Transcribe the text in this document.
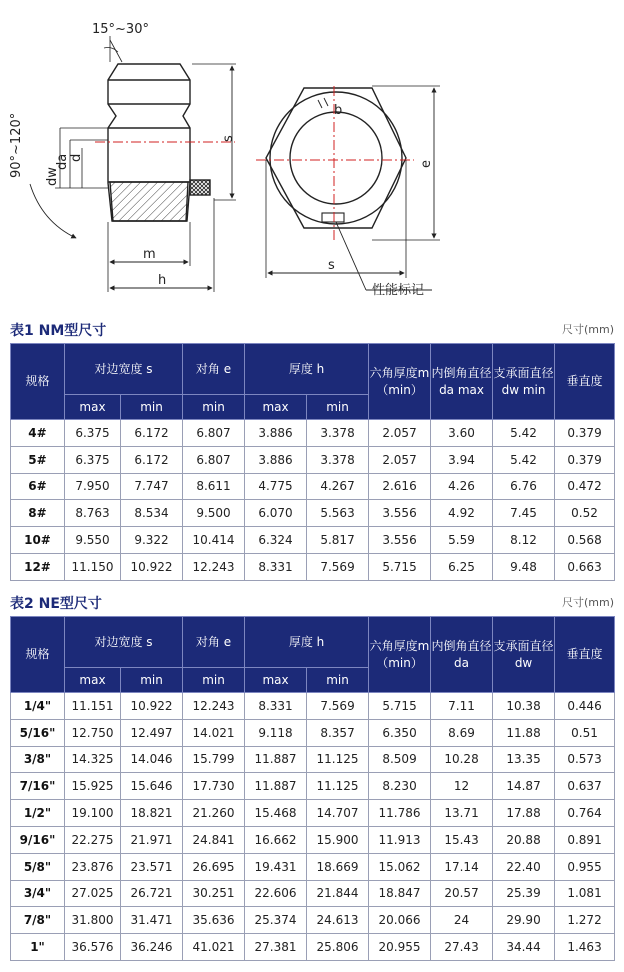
15°~30°
dw
da d
90°~120°	s
m
h
b
e
s
性能标记
表1 NM型尺寸	尺寸(mm)
规格	对边宽度 s		对角 e	厚度 h		六角厚度m（min）	内倒角直径da max	支承面直径dw min	垂直度
	max	min	min	max	min				
4#	6.375	6.172	6.807	3.886	3.378	2.057	3.60	5.42	0.379
5#	6.375	6.172	6.807	3.886	3.378	2.057	3.94	5.42	0.379
6#	7.950	7.747	8.611	4.775	4.267	2.616	4.26	6.76	0.472
8#	8.763	8.534	9.500	6.070	5.563	3.556	4.92	7.45	0.52
10#	9.550	9.322	10.414	6.324	5.817	3.556	5.59	8.12	0.568
12#	11.150	10.922	12.243	8.331	7.569	5.715	6.25	9.48	0.663
表2 NE型尺寸	尺寸(mm)
规格	对边宽度 s		对角 e	厚度 h		六角厚度m（min）	内倒角直径da	支承面直径dw	垂直度
	max	min	min	max	min				
1/4"	11.151	10.922	12.243	8.331	7.569	5.715	7.11	10.38	0.446
5/16"	12.750	12.497	14.021	9.118	8.357	6.350	8.69	11.88	0.51
3/8"	14.325	14.046	15.799	11.887	11.125	8.509	10.28	13.35	0.573
7/16"	15.925	15.646	17.730	11.887	11.125	8.230	12	14.87	0.637
1/2"	19.100	18.821	21.260	15.468	14.707	11.786	13.71	17.88	0.764
9/16"	22.275	21.971	24.841	16.662	15.900	11.913	15.43	20.88	0.891
5/8"	23.876	23.571	26.695	19.431	18.669	15.062	17.14	22.40	0.955
3/4"	27.025	26.721	30.251	22.606	21.844	18.847	20.57	25.39	1.081
7/8"	31.800	31.471	35.636	25.374	24.613	20.066	24	29.90	1.272
1"	36.576	36.246	41.021	27.381	25.806	20.955	27.43	34.44	1.463
